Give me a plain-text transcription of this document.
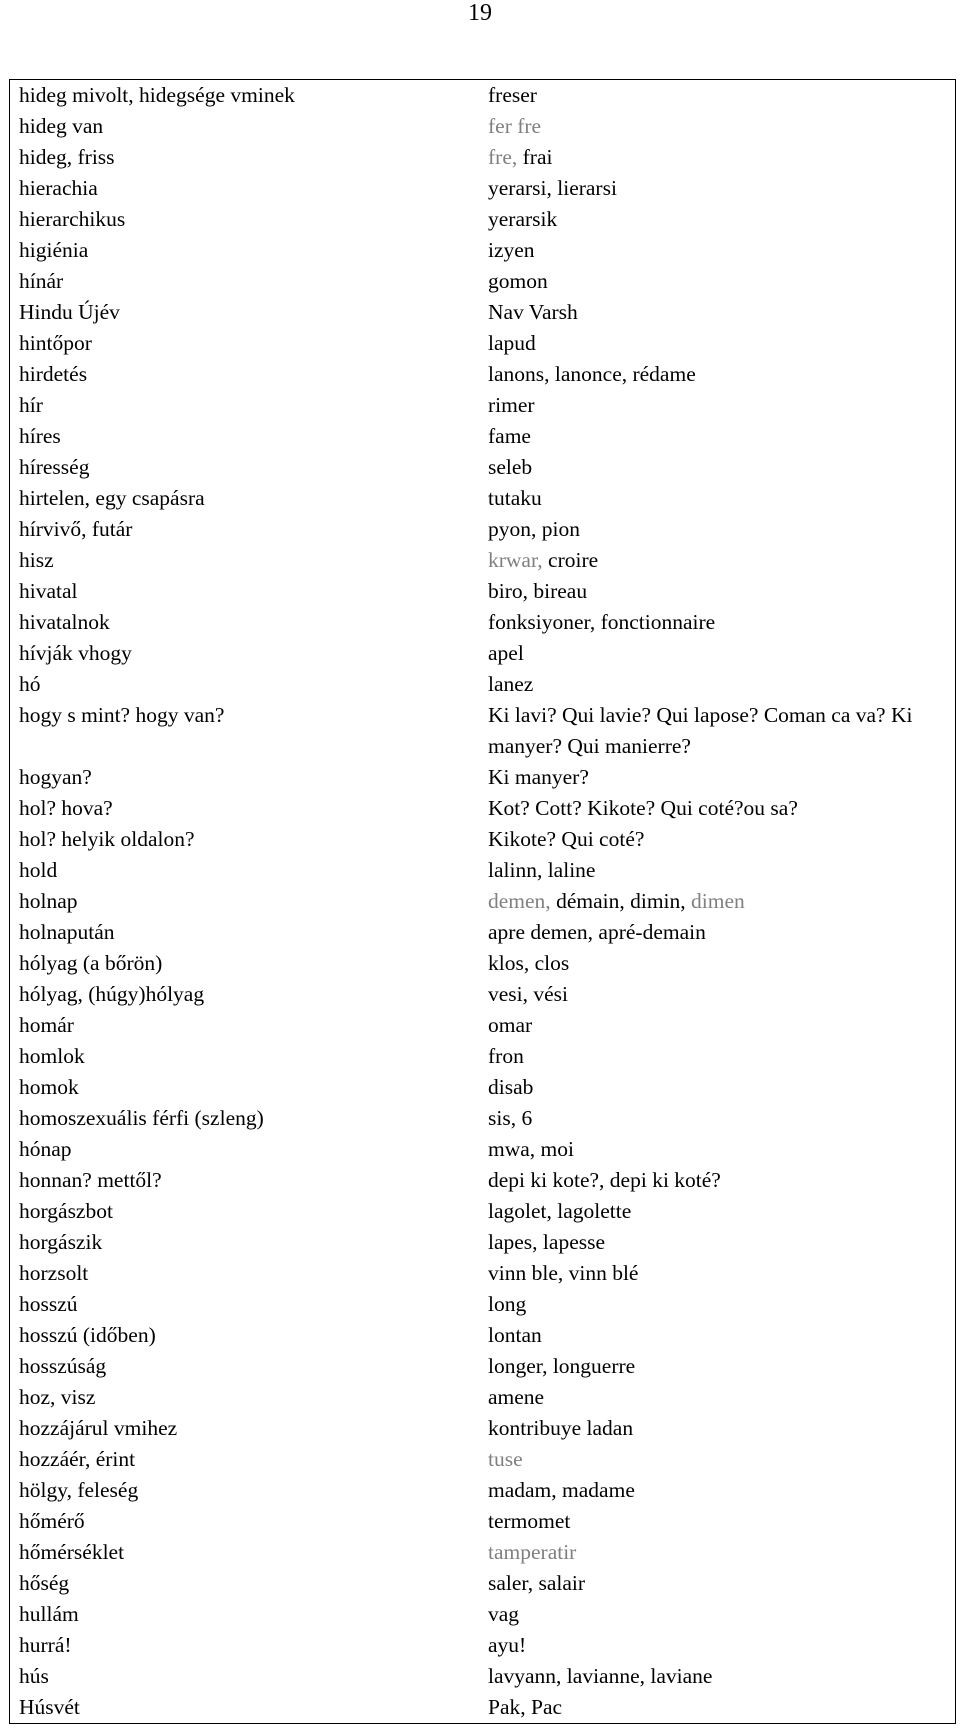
19
hideg mivolt, hidegsége vminek	freser
hideg van	fer fre
hideg, friss	fre, frai
hierachia	yerarsi, lierarsi
hierarchikus	yerarsik
higiénia	izyen
hínár	gomon
Hindu Újév	Nav Varsh
hintőpor	lapud
hirdetés	lanons, lanonce, rédame
hír	rimer
híres	fame
híresség	seleb
hirtelen, egy csapásra	tutaku
hírvivő, futár	pyon, pion
hisz	krwar, croire
hivatal	biro, bireau
hivatalnok	fonksiyoner, fonctionnaire
hívják vhogy	apel
hó	lanez
hogy s mint? hogy van?	Ki lavi? Qui lavie? Qui lapose? Coman ca va? Ki manyer? Qui manierre?
hogyan?	Ki manyer?
hol? hova?	Kot? Cott? Kikote? Qui coté?ou sa?
hol? helyik oldalon?	Kikote? Qui coté?
hold	lalinn, laline
holnap	demen, démain, dimin, dimen
holnapután	apre demen, apré-demain
hólyag (a bőrön)	klos, clos
hólyag, (húgy)hólyag	vesi, vési
homár	omar
homlok	fron
homok	disab
homoszexuális férfi (szleng)	sis, 6
hónap	mwa, moi
honnan? mettől?	depi ki kote?, depi ki koté?
horgászbot	lagolet, lagolette
horgászik	lapes, lapesse
horzsolt	vinn ble, vinn blé
hosszú	long
hosszú (időben)	lontan
hosszúság	longer, longuerre
hoz, visz	amene
hozzájárul vmihez	kontribuye ladan
hozzáér, érint	tuse
hölgy, feleség	madam, madame
hőmérő	termomet
hőmérséklet	tamperatir
hőség	saler, salair
hullám	vag
hurrá!	ayu!
hús	lavyann, lavianne, laviane
Húsvét	Pak, Pac
